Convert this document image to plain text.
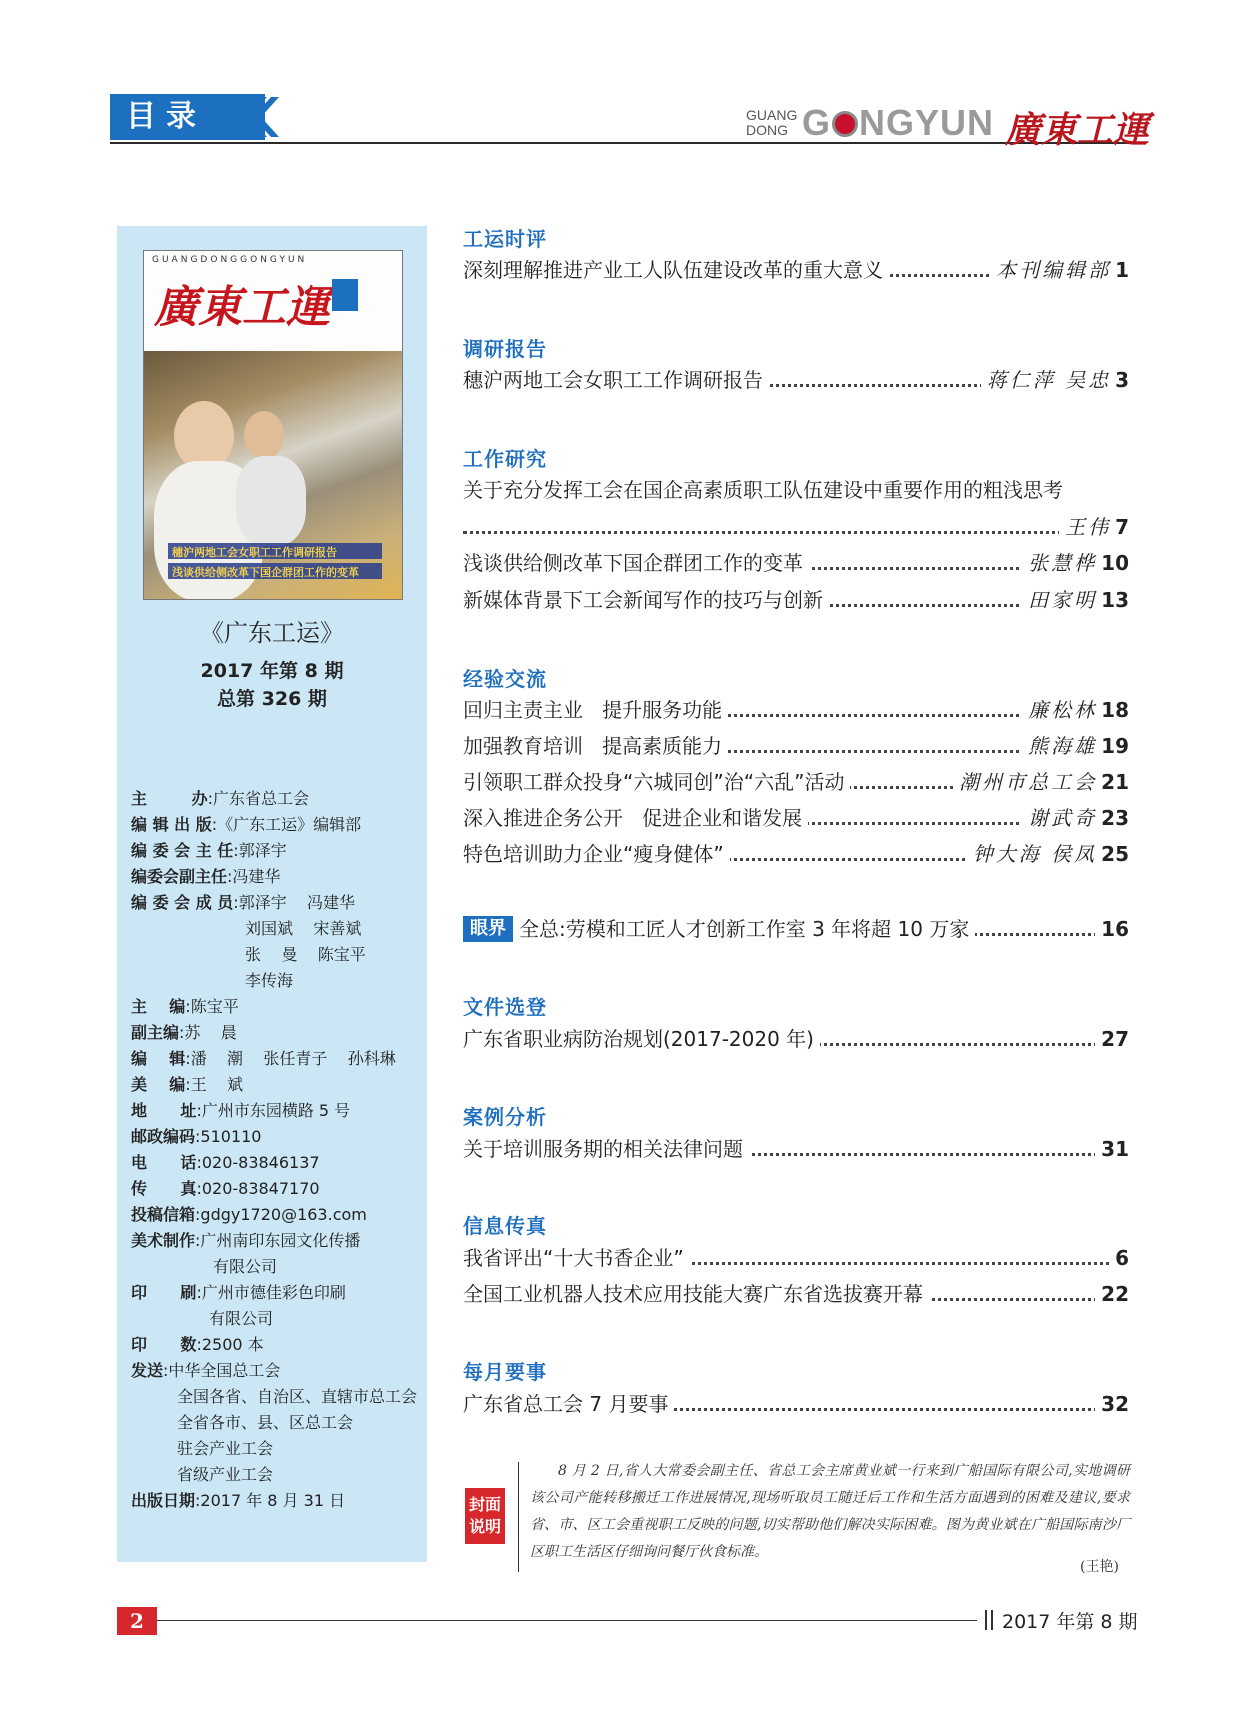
目录	GUANG
DONG G NGYUN 廣東工運
GUANGDONGGONGYUN
廣東工運
穗沪两地工会女职工工作调研报告
浅谈供给侧改革下国企群团工作的变革
《广东工运》
2017 年第 8 期
总第 326 期
主        办:广东省总工会
编 辑 出 版:《广东工运》编辑部
编 委 会 主 任:郭泽宇
编委会副主任:冯建华
编 委 会 成 员:郭泽宇    冯建华
刘国斌    宋善斌
张    曼    陈宝平
李传海
主    编:陈宝平
副主编:苏    晨
编    辑:潘    潮    张任青子    孙科琳
美    编:王    斌
地      址:广州市东园横路 5 号
邮政编码:510110
电      话:020-83846137
传      真:020-83847170
投稿信箱:gdgy1720@163.com
美术制作:广州南印东园文化传播
有限公司
印      刷:广州市德佳彩色印刷
有限公司
印      数:2500 本
发送:中华全国总工会
全国各省、自治区、直辖市总工会
全省各市、县、区总工会
驻会产业工会
省级产业工会
出版日期:2017 年 8 月 31 日
工运时评
深刻理解推进产业工人队伍建设改革的重大意义	本刊编辑部 1
调研报告
穗沪两地工会女职工工作调研报告	蒋仁萍 吴忠 3
工作研究
关于充分发挥工会在国企高素质职工队伍建设中重要作用的粗浅思考
王伟 7
浅谈供给侧改革下国企群团工作的变革	张慧桦 10
新媒体背景下工会新闻写作的技巧与创新	田家明 13
经验交流
回归主责主业   提升服务功能	廉松林 18
加强教育培训   提高素质能力	熊海雄 19
引领职工群众投身“六城同创”治“六乱”活动	潮州市总工会 21
深入推进企务公开   促进企业和谐发展	谢武奇 23
特色培训助力企业“瘦身健体”	钟大海 侯凤 25
眼界 全总:劳模和工匠人才创新工作室 3 年将超 10 万家	16
文件选登
广东省职业病防治规划(2017-2020 年)	27
案例分析
关于培训服务期的相关法律问题	31
信息传真
我省评出“十大书香企业”	6
全国工业机器人技术应用技能大赛广东省选拔赛开幕	22
每月要事
广东省总工会 7 月要事	32
封面说明
8 月 2 日,省人大常委会副主任、省总工会主席黄业斌一行来到广船国际有限公司,实地调研该公司产能转移搬迁工作进展情况,现场听取员工随迁后工作和生活方面遇到的困难及建议,要求省、市、区工会重视职工反映的问题,切实帮助他们解决实际困难。图为黄业斌在广船国际南沙厂区职工生活区仔细询问餐厅伙食标准。
(王艳)
2	2017 年第 8 期
